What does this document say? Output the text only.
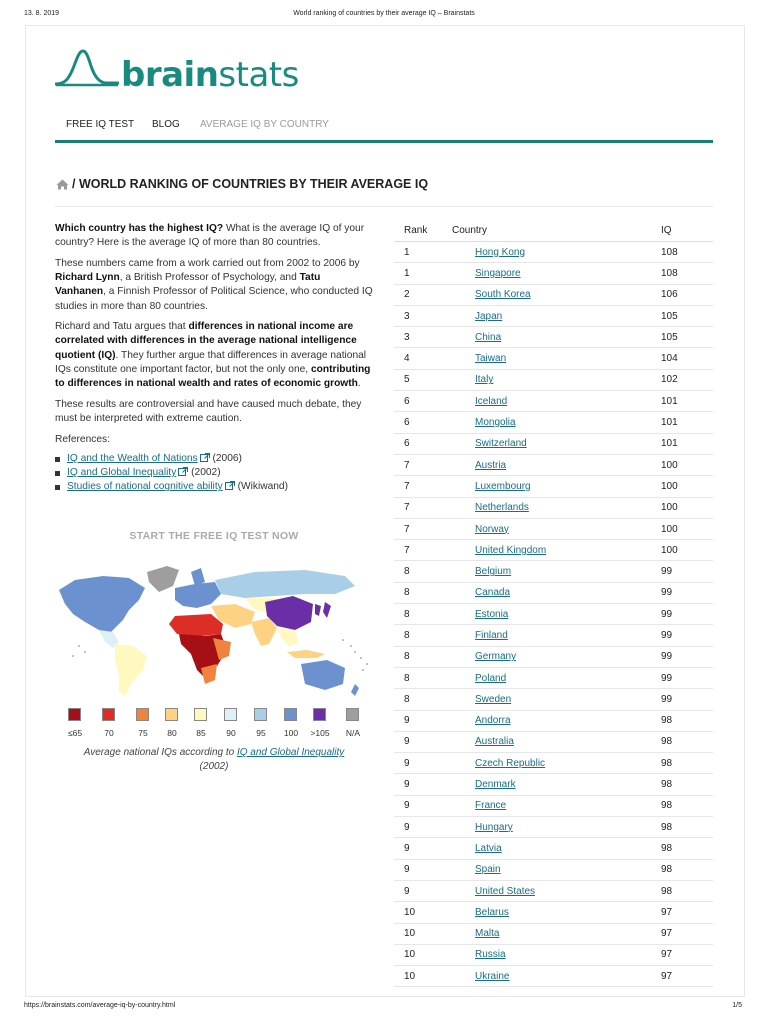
13. 8. 2019	World ranking of countries by their average IQ – Brainstats
brainstats
FREE IQ TEST BLOG AVERAGE IQ BY COUNTRY
/ WORLD RANKING OF COUNTRIES BY THEIR AVERAGE IQ

Which country has the highest IQ? What is the average IQ of your country? Here is the average IQ of more than 80 countries.

These numbers came from a work carried out from 2002 to 2006 by Richard Lynn, a British Professor of Psychology, and Tatu Vanhanen, a Finnish Professor of Political Science, who conducted IQ studies in more than 80 countries.

Richard and Tatu argues that differences in national income are correlated with differences in the average national intelligence quotient (IQ). They further argue that differences in average national IQs constitute one important factor, but not the only one, contributing to differences in national wealth and rates of economic growth.

These results are controversial and have caused much debate, they must be interpreted with extreme caution.

References:

IQ and the Wealth of Nations (2006)
IQ and Global Inequality (2002)
Studies of national cognitive ability (Wikiwand)
START THE FREE IQ TEST NOW
≤65	70	75	80	85	90	95	100	>105	N/A
Average national IQs according to IQ and Global Inequality
(2002)
Rank	Country	IQ
1	Hong Kong	108
1	Singapore	108
2	South Korea	106
3	Japan	105
3	China	105
4	Taiwan	104
5	Italy	102
6	Iceland	101
6	Mongolia	101
6	Switzerland	101
7	Austria	100
7	Luxembourg	100
7	Netherlands	100
7	Norway	100
7	United Kingdom	100
8	Belgium	99
8	Canada	99
8	Estonia	99
8	Finland	99
8	Germany	99
8	Poland	99
8	Sweden	99
9	Andorra	98
9	Australia	98
9	Czech Republic	98
9	Denmark	98
9	France	98
9	Hungary	98
9	Latvia	98
9	Spain	98
9	United States	98
10	Belarus	97
10	Malta	97
10	Russia	97
10	Ukraine	97
https://brainstats.com/average-iq-by-country.html	1/5
